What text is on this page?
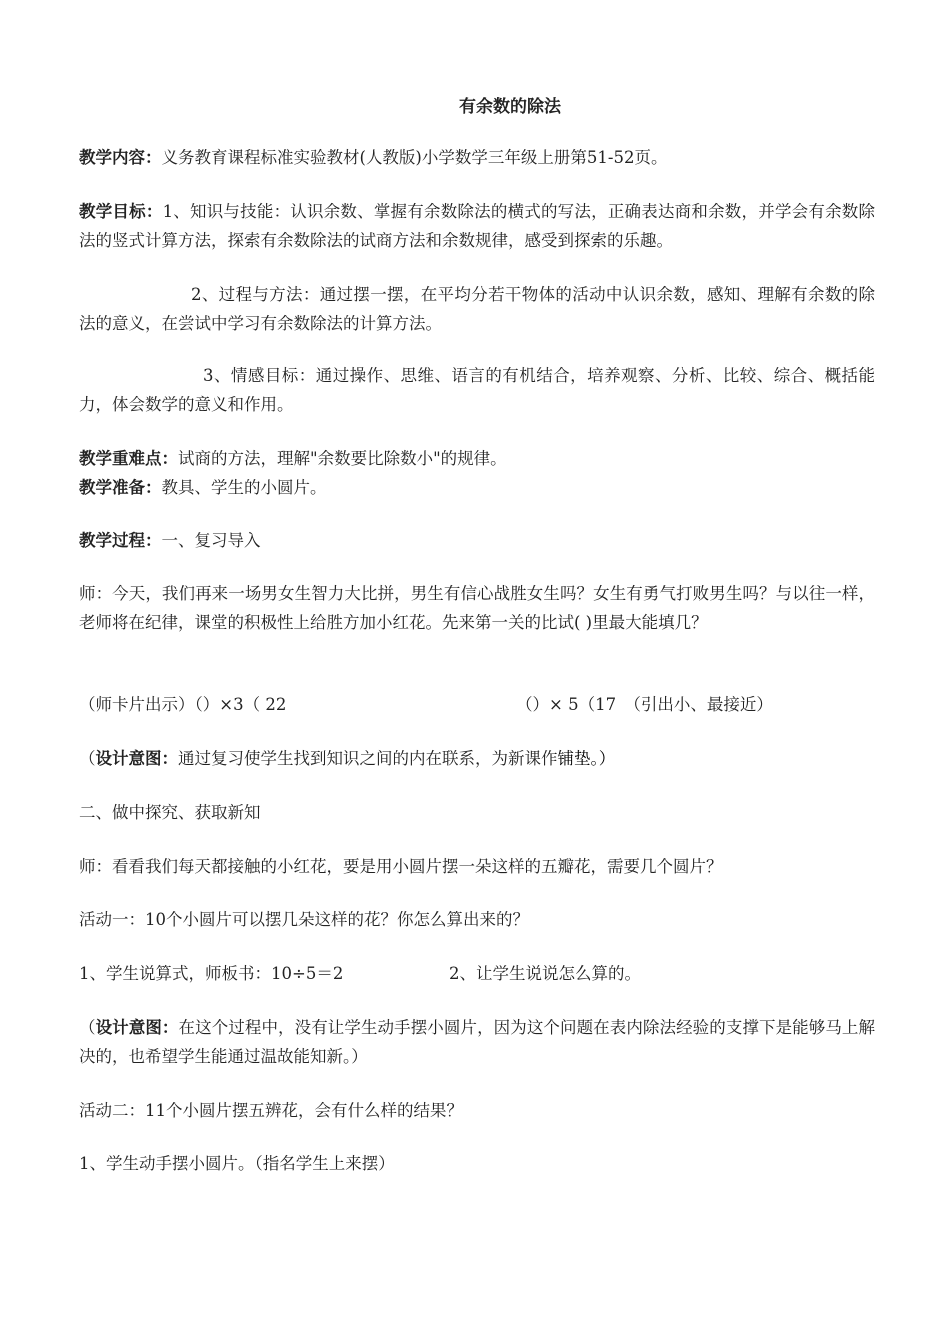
有余数的除法

教学内容：义务教育课程标准实验教材(人教版)小学数学三年级上册第51-52页。

教学目标：1、知识与技能：认识余数、掌握有余数除法的横式的写法，正确表达商和余数，并学会有余数除法的竖式计算方法，探索有余数除法的试商方法和余数规律，感受到探索的乐趣。

2、过程与方法：通过摆一摆，在平均分若干物体的活动中认识余数，感知、理解有余数的除法的意义，在尝试中学习有余数除法的计算方法。

3、情感目标：通过操作、思维、语言的有机结合，培养观察、分析、比较、综合、概括能力，体会数学的意义和作用。

教学重难点：试商的方法，理解"余数要比除数小"的规律。

教学准备：教具、学生的小圆片。

教学过程：一、复习导入

师：今天，我们再来一场男女生智力大比拼，男生有信心战胜女生吗？女生有勇气打败男生吗？与以往一样，老师将在纪律，课堂的积极性上给胜方加小红花。先来第一关的比试( )里最大能填几？

（师卡片出示）（）×3（ 22	（）× 5（17　（引出小、最接近）

（设计意图：通过复习使学生找到知识之间的内在联系，为新课作铺垫。）

二、做中探究、获取新知

师：看看我们每天都接触的小红花，要是用小圆片摆一朵这样的五瓣花，需要几个圆片？

活动一：10个小圆片可以摆几朵这样的花？你怎么算出来的？

1、学生说算式，师板书：10÷5＝2	2、让学生说说怎么算的。

（设计意图：在这个过程中，没有让学生动手摆小圆片，因为这个问题在表内除法经验的支撑下是能够马上解决的，也希望学生能通过温故能知新。）

活动二：11个小圆片摆五辨花，会有什么样的结果？

1、学生动手摆小圆片。（指名学生上来摆）
